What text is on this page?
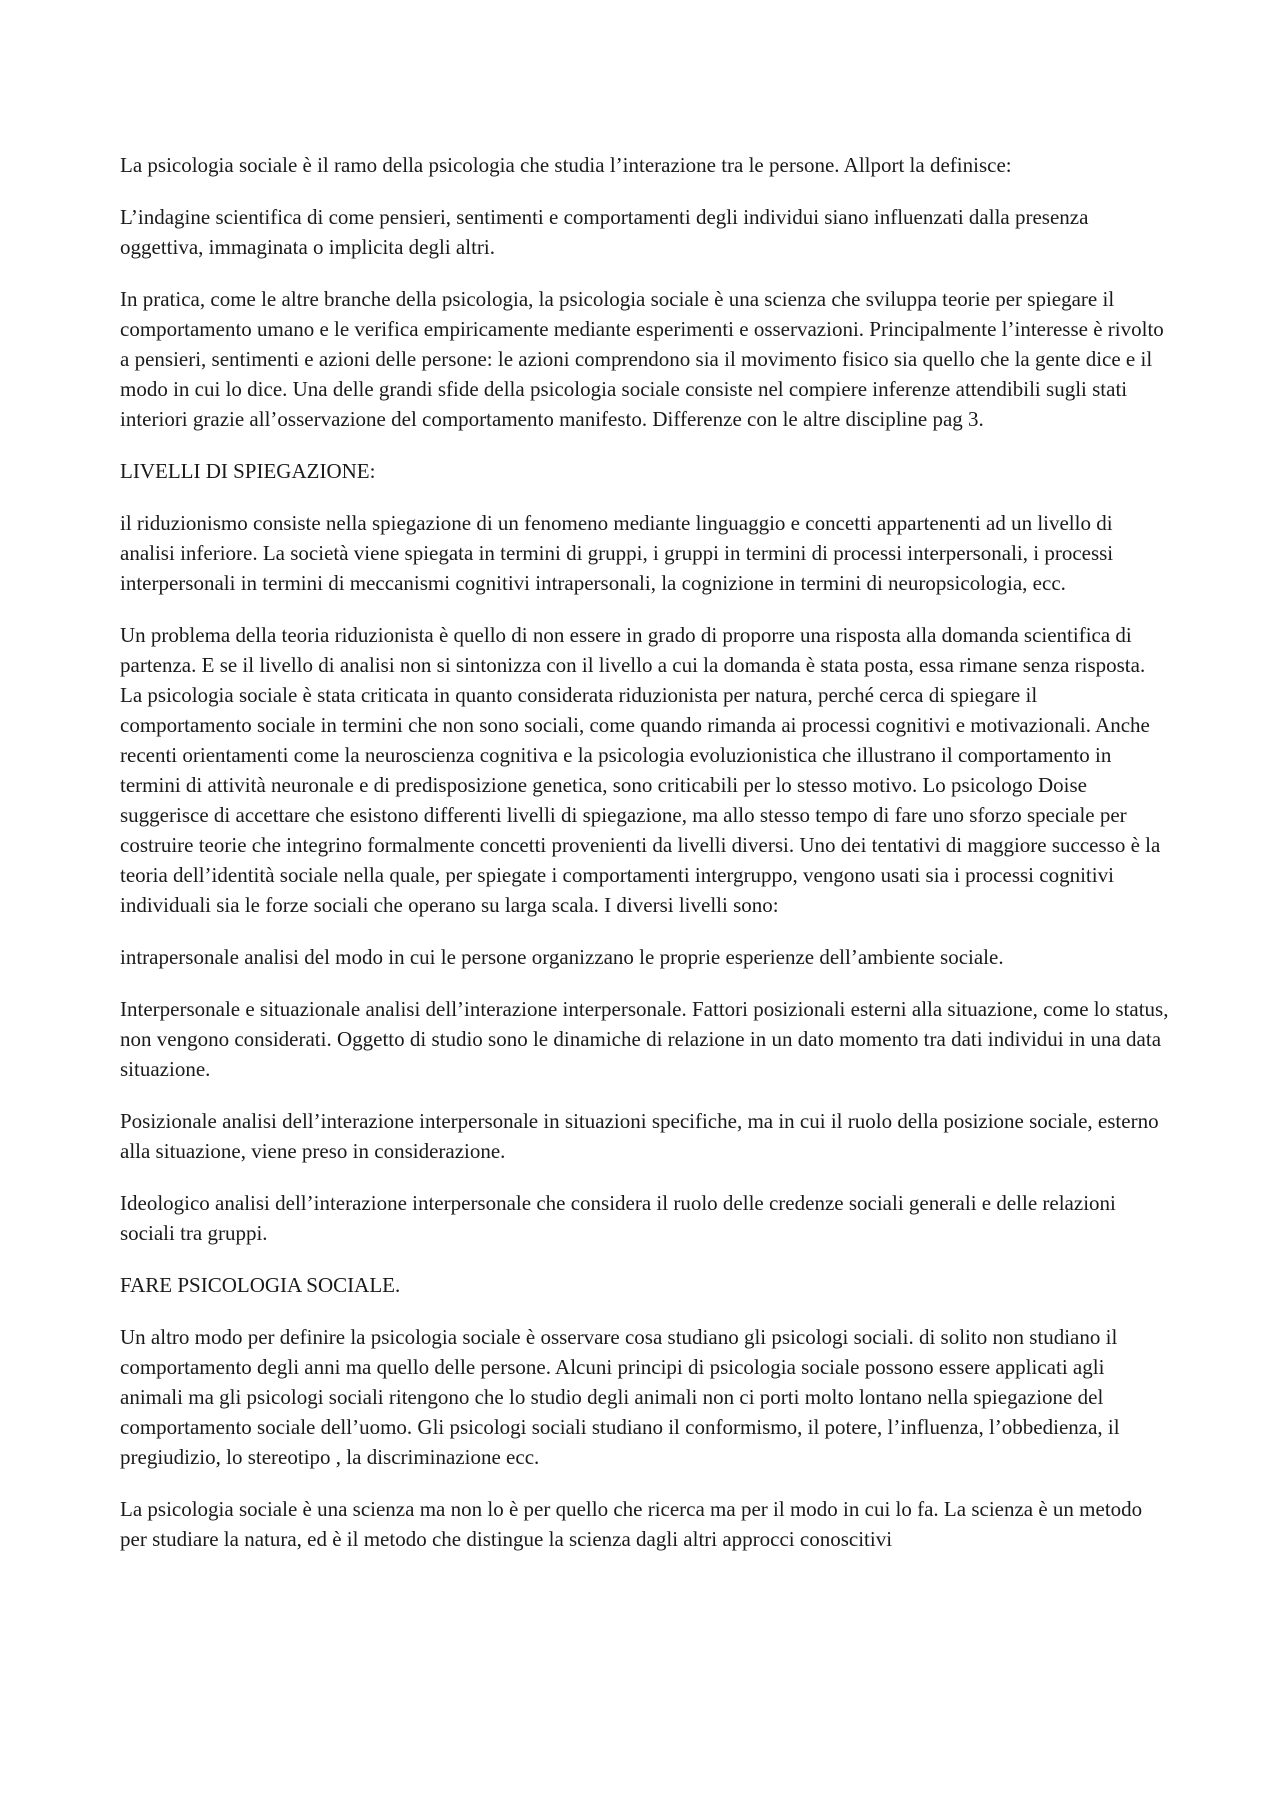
La psicologia sociale è il ramo della psicologia che studia l’interazione tra le persone. Allport la definisce:

L’indagine scientifica di come pensieri, sentimenti e comportamenti degli individui siano influenzati dalla presenza oggettiva, immaginata o implicita degli altri.

In pratica, come le altre branche della psicologia, la psicologia sociale è una scienza che sviluppa teorie per spiegare il comportamento umano e le verifica empiricamente mediante esperimenti e osservazioni. Principalmente l’interesse è rivolto a pensieri, sentimenti e azioni delle persone: le azioni comprendono sia il movimento fisico sia quello che la gente dice e il modo in cui lo dice. Una delle grandi sfide della psicologia sociale consiste nel compiere inferenze attendibili sugli stati interiori grazie all’osservazione del comportamento manifesto. Differenze con le altre discipline pag 3.

LIVELLI DI SPIEGAZIONE:

il riduzionismo consiste nella spiegazione di un fenomeno mediante linguaggio e concetti appartenenti ad un livello di analisi inferiore. La società viene spiegata in termini di gruppi, i gruppi in termini di processi interpersonali, i processi interpersonali in termini di meccanismi cognitivi intrapersonali, la cognizione in termini di neuropsicologia, ecc.

Un problema della teoria riduzionista è quello di non essere in grado di proporre una risposta alla domanda scientifica di partenza. E se il livello di analisi non si sintonizza con il livello a cui la domanda è stata posta, essa rimane senza risposta. La psicologia sociale è stata criticata in quanto considerata riduzionista per natura, perché cerca di spiegare il comportamento sociale in termini che non sono sociali, come quando rimanda ai processi cognitivi e motivazionali. Anche recenti orientamenti come la neuroscienza cognitiva e la psicologia evoluzionistica che illustrano il comportamento in termini di attività neuronale e di predisposizione genetica, sono criticabili per lo stesso motivo. Lo psicologo Doise suggerisce di accettare che esistono differenti livelli di spiegazione, ma allo stesso tempo di fare uno sforzo speciale per costruire teorie che integrino formalmente concetti provenienti da livelli diversi. Uno dei tentativi di maggiore successo è la teoria dell’identità sociale nella quale, per spiegate i comportamenti intergruppo, vengono usati sia i processi cognitivi individuali sia le forze sociali che operano su larga scala. I diversi livelli sono:

intrapersonale analisi del modo in cui le persone organizzano le proprie esperienze dell’ambiente sociale.

Interpersonale e situazionale analisi dell’interazione interpersonale. Fattori posizionali esterni alla situazione, come lo status, non vengono considerati. Oggetto di studio sono le dinamiche di relazione in un dato momento tra dati individui in una data situazione.

Posizionale analisi dell’interazione interpersonale in situazioni specifiche, ma in cui il ruolo della posizione sociale, esterno alla situazione, viene preso in considerazione.

Ideologico analisi dell’interazione interpersonale che considera il ruolo delle credenze sociali generali e delle relazioni sociali tra gruppi.

FARE PSICOLOGIA SOCIALE.

Un altro modo per definire la psicologia sociale è osservare cosa studiano gli psicologi sociali. di solito non studiano il comportamento degli anni ma quello delle persone. Alcuni principi di psicologia sociale possono essere applicati agli animali ma gli psicologi sociali ritengono che lo studio degli animali non ci porti molto lontano nella spiegazione del comportamento sociale dell’uomo. Gli psicologi sociali studiano il conformismo, il potere, l’influenza, l’obbedienza, il pregiudizio, lo stereotipo , la discriminazione ecc.

La psicologia sociale è una scienza ma non lo è per quello che ricerca ma per il modo in cui lo fa. La scienza è un metodo per studiare la natura, ed è il metodo che distingue la scienza dagli altri approcci conoscitivi
